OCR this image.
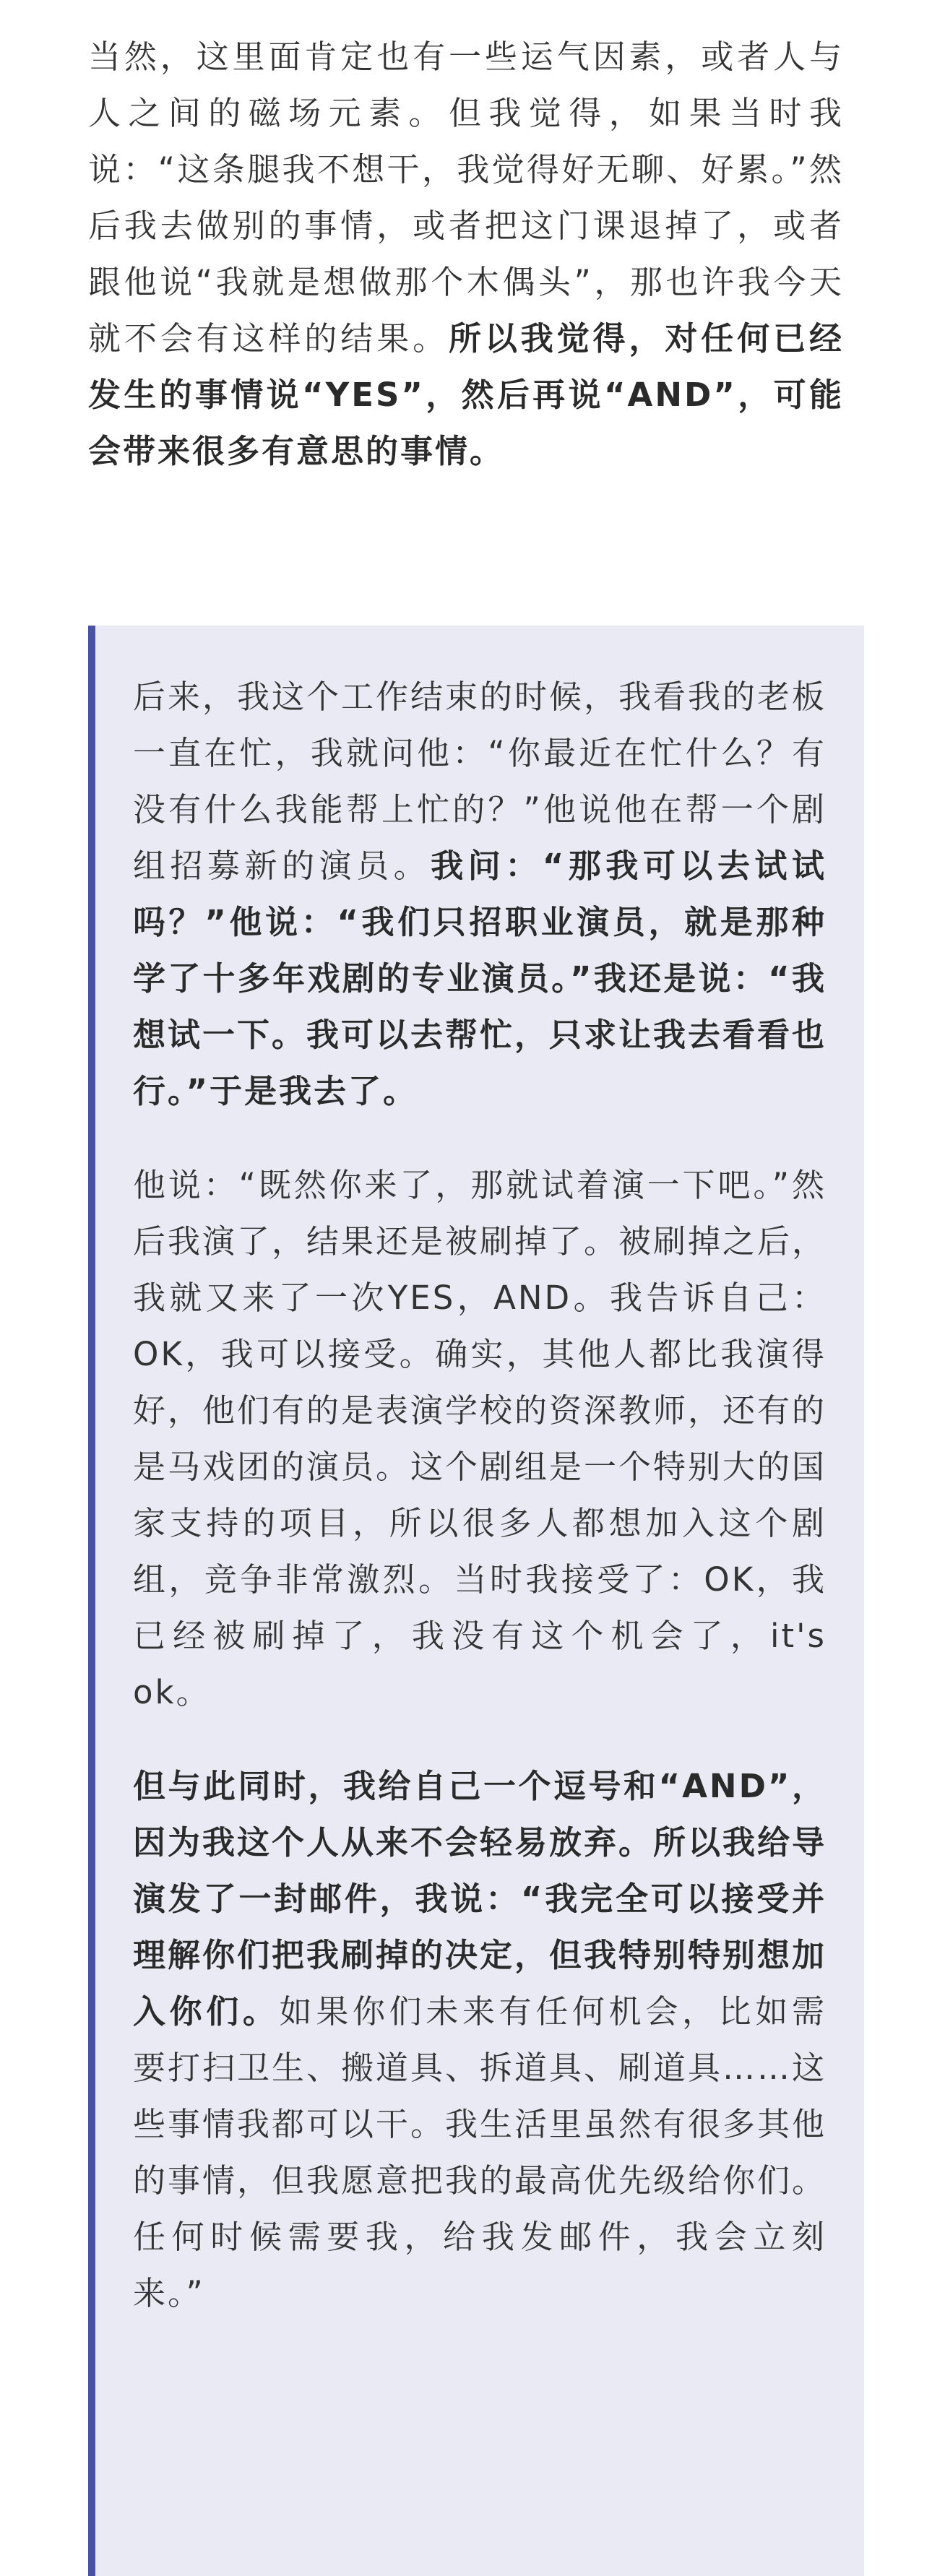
当然，这里面肯定也有一些运气因素，或者人与人之间的磁场元素。但我觉得，如果当时我说：“这条腿我不想干，我觉得好无聊、好累。”然后我去做别的事情，或者把这门课退掉了，或者跟他说“我就是想做那个木偶头”，那也许我今天就不会有这样的结果。所以我觉得，对任何已经发生的事情说“YES”，然后再说“AND”，可能会带来很多有意思的事情。

后来，我这个工作结束的时候，我看我的老板一直在忙，我就问他：“你最近在忙什么？有没有什么我能帮上忙的？”他说他在帮一个剧组招募新的演员。我问：“那我可以去试试吗？”他说：“我们只招职业演员，就是那种学了十多年戏剧的专业演员。”我还是说：“我想试一下。我可以去帮忙，只求让我去看看也行。”于是我去了。

他说：“既然你来了，那就试着演一下吧。”然后我演了，结果还是被刷掉了。被刷掉之后，我就又来了一次YES，AND。我告诉自己：OK，我可以接受。确实，其他人都比我演得好，他们有的是表演学校的资深教师，还有的是马戏团的演员。这个剧组是一个特别大的国家支持的项目，所以很多人都想加入这个剧组，竞争非常激烈。当时我接受了：OK，我已经被刷掉了，我没有这个机会了，it's ok。

但与此同时，我给自己一个逗号和“AND”，因为我这个人从来不会轻易放弃。所以我给导演发了一封邮件，我说：“我完全可以接受并理解你们把我刷掉的决定，但我特别特别想加入你们。如果你们未来有任何机会，比如需要打扫卫生、搬道具、拆道具、刷道具……这些事情我都可以干。我生活里虽然有很多其他的事情，但我愿意把我的最高优先级给你们。任何时候需要我，给我发邮件，我会立刻来。”
